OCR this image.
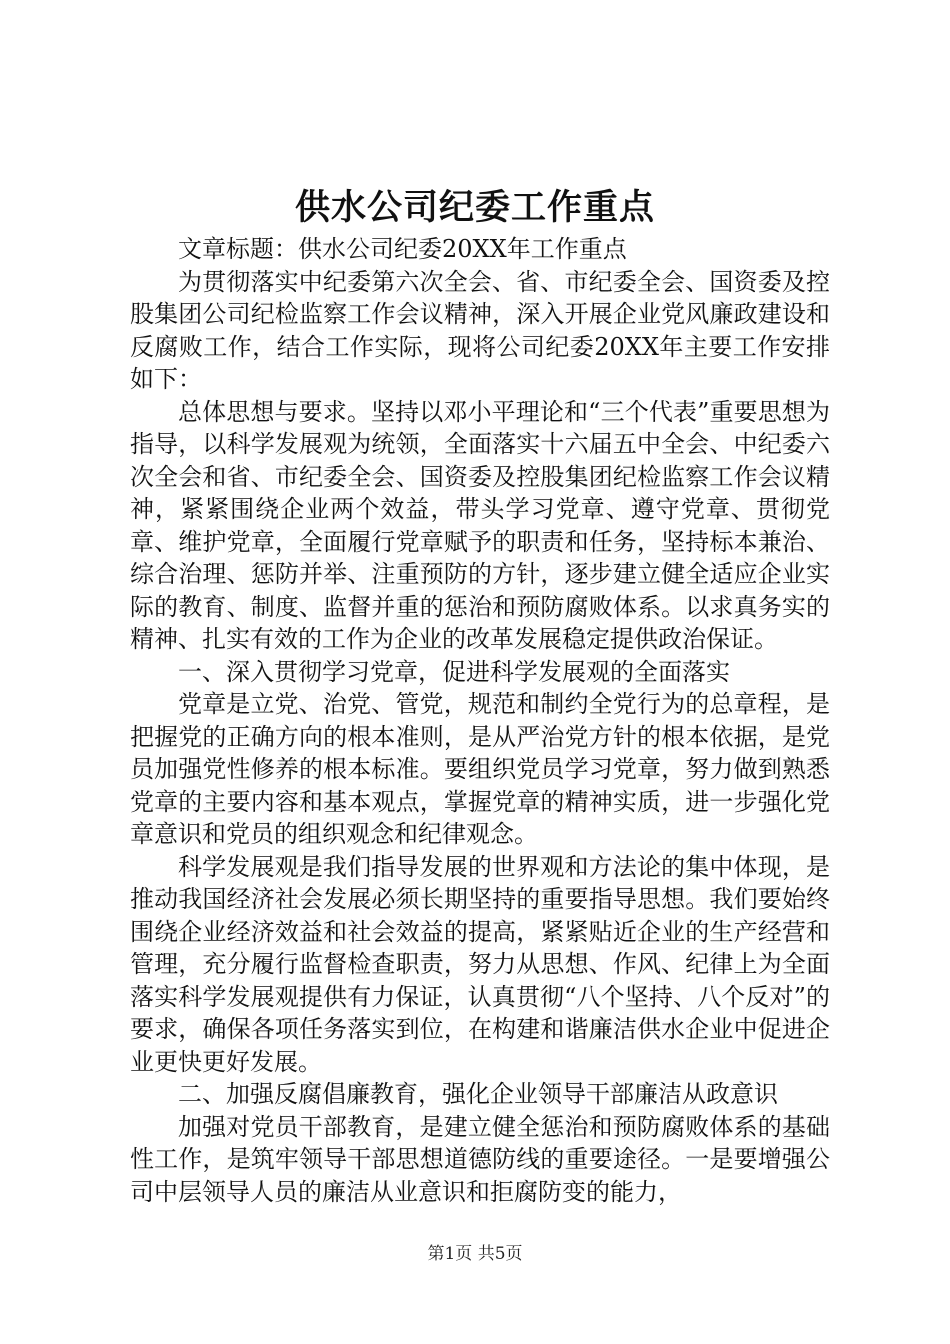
供水公司纪委工作重点

文章标题：供水公司纪委20XX年工作重点

为贯彻落实中纪委第六次全会、省、市纪委全会、国资委及控股集团公司纪检监察工作会议精神，深入开展企业党风廉政建设和反腐败工作，结合工作实际，现将公司纪委20XX年主要工作安排如下：

总体思想与要求。坚持以邓小平理论和“三个代表”重要思想为指导，以科学发展观为统领，全面落实十六届五中全会、中纪委六次全会和省、市纪委全会、国资委及控股集团纪检监察工作会议精神，紧紧围绕企业两个效益，带头学习党章、遵守党章、贯彻党章、维护党章，全面履行党章赋予的职责和任务，坚持标本兼治、综合治理、惩防并举、注重预防的方针，逐步建立健全适应企业实际的教育、制度、监督并重的惩治和预防腐败体系。以求真务实的精神、扎实有效的工作为企业的改革发展稳定提供政治保证。

一、深入贯彻学习党章，促进科学发展观的全面落实

党章是立党、治党、管党，规范和制约全党行为的总章程，是把握党的正确方向的根本准则，是从严治党方针的根本依据，是党员加强党性修养的根本标准。要组织党员学习党章，努力做到熟悉党章的主要内容和基本观点，掌握党章的精神实质，进一步强化党章意识和党员的组织观念和纪律观念。

科学发展观是我们指导发展的世界观和方法论的集中体现，是推动我国经济社会发展必须长期坚持的重要指导思想。我们要始终围绕企业经济效益和社会效益的提高，紧紧贴近企业的生产经营和管理，充分履行监督检查职责，努力从思想、作风、纪律上为全面落实科学发展观提供有力保证，认真贯彻“八个坚持、八个反对”的要求，确保各项任务落实到位，在构建和谐廉洁供水企业中促进企业更快更好发展。

二、加强反腐倡廉教育，强化企业领导干部廉洁从政意识

加强对党员干部教育，是建立健全惩治和预防腐败体系的基础性工作，是筑牢领导干部思想道德防线的重要途径。一是要增强公司中层领导人员的廉洁从业意识和拒腐防变的能力，

第1页 共5页
